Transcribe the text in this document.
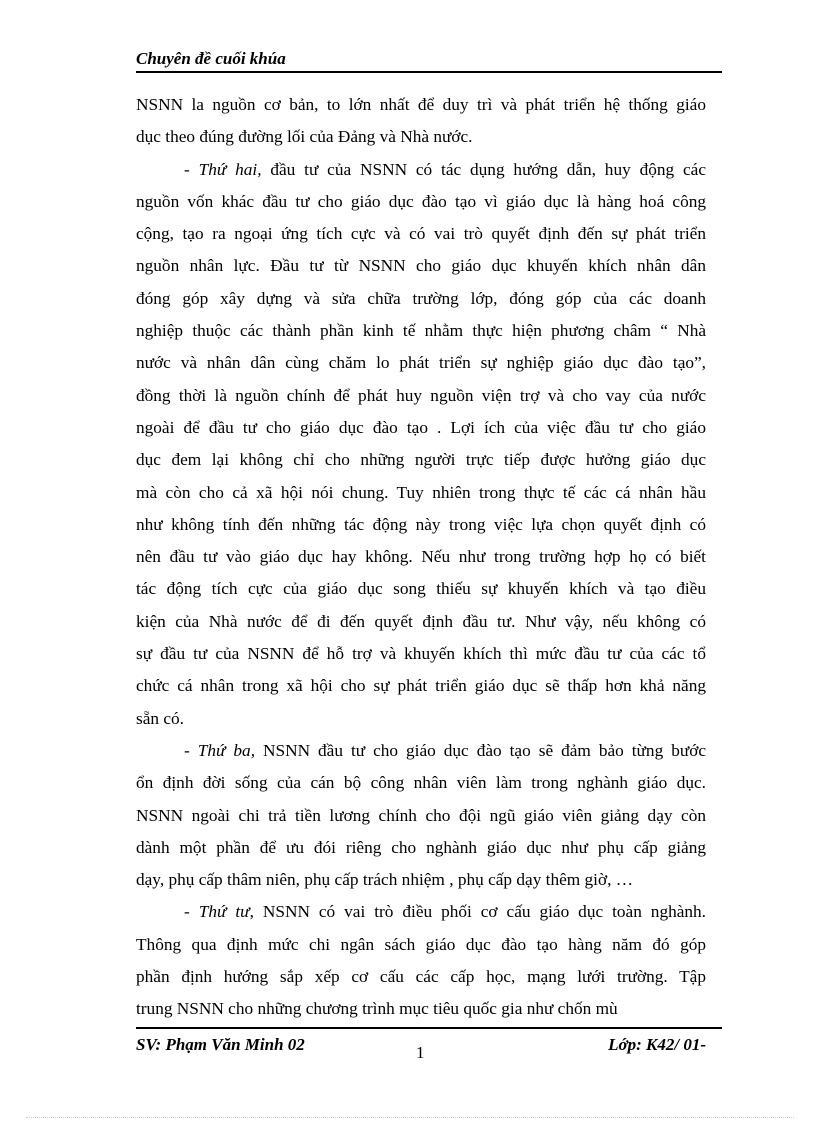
Chuyên đề cuối khúa
NSNN la nguồn cơ bản, to lớn nhất để duy trì và phát triển hệ thống giáo
dục theo đúng đường lối của Đảng và Nhà nước.
- Thứ hai, đầu tư của NSNN có tác dụng hướng dẫn, huy động các
nguồn vốn khác đầu tư cho giáo dục đào tạo vì giáo dục là hàng hoá công
cộng, tạo ra ngoại ứng tích cực và có vai trò quyết định đến sự phát triển
nguồn nhân lực. Đầu tư từ NSNN cho giáo dục khuyến khích nhân dân
đóng góp xây dựng và sửa chữa trường lớp, đóng góp của các doanh
nghiệp thuộc các thành phần kinh tế nhằm thực hiện phương châm “ Nhà
nước và nhân dân cùng chăm lo phát triển sự nghiệp giáo dục đào tạo”,
đồng thời là nguồn chính để phát huy nguồn viện trợ và cho vay của nước
ngoài để đầu tư cho giáo dục đào tạo . Lợi ích của việc đầu tư cho giáo
dục đem lại không chỉ cho những người trực tiếp được hưởng giáo dục
mà còn cho cả xã hội nói chung. Tuy nhiên trong thực tế các cá nhân hầu
như không tính đến những tác động này trong việc lựa chọn quyết định có
nên đầu tư vào giáo dục hay không. Nếu như trong trường hợp họ có biết
tác động tích cực của giáo dục song thiếu sự khuyến khích và tạo điều
kiện của Nhà nước để đi đến quyết định đầu tư. Như vậy, nếu không có
sự đầu tư của NSNN để hỗ trợ và khuyến khích thì mức đầu tư của các tổ
chức cá nhân trong xã hội cho sự phát triển giáo dục sẽ thấp hơn khả năng
sẵn có.
- Thứ ba, NSNN đầu tư cho giáo dục đào tạo sẽ đảm bảo từng bước
ổn định đời sống của cán bộ công nhân viên làm trong nghành giáo dục.
NSNN ngoài chi trả tiền lương chính cho đội ngũ giáo viên giảng dạy còn
dành một phần để ưu đói riêng cho nghành giáo dục như phụ cấp giảng
dạy, phụ cấp thâm niên, phụ cấp trách nhiệm , phụ cấp dạy thêm giờ, …
- Thứ tư, NSNN có vai trò điều phối cơ cấu giáo dục toàn nghành.
Thông qua định mức chi ngân sách giáo dục đào tạo hàng năm đó góp
phần định hướng sắp xếp cơ cấu các cấp học, mạng lưới trường. Tập
trung NSNN cho những chương trình mục tiêu quốc gia như chốn mù
SV: Phạm Văn Minh 02	1	Lớp: K42/ 01-
